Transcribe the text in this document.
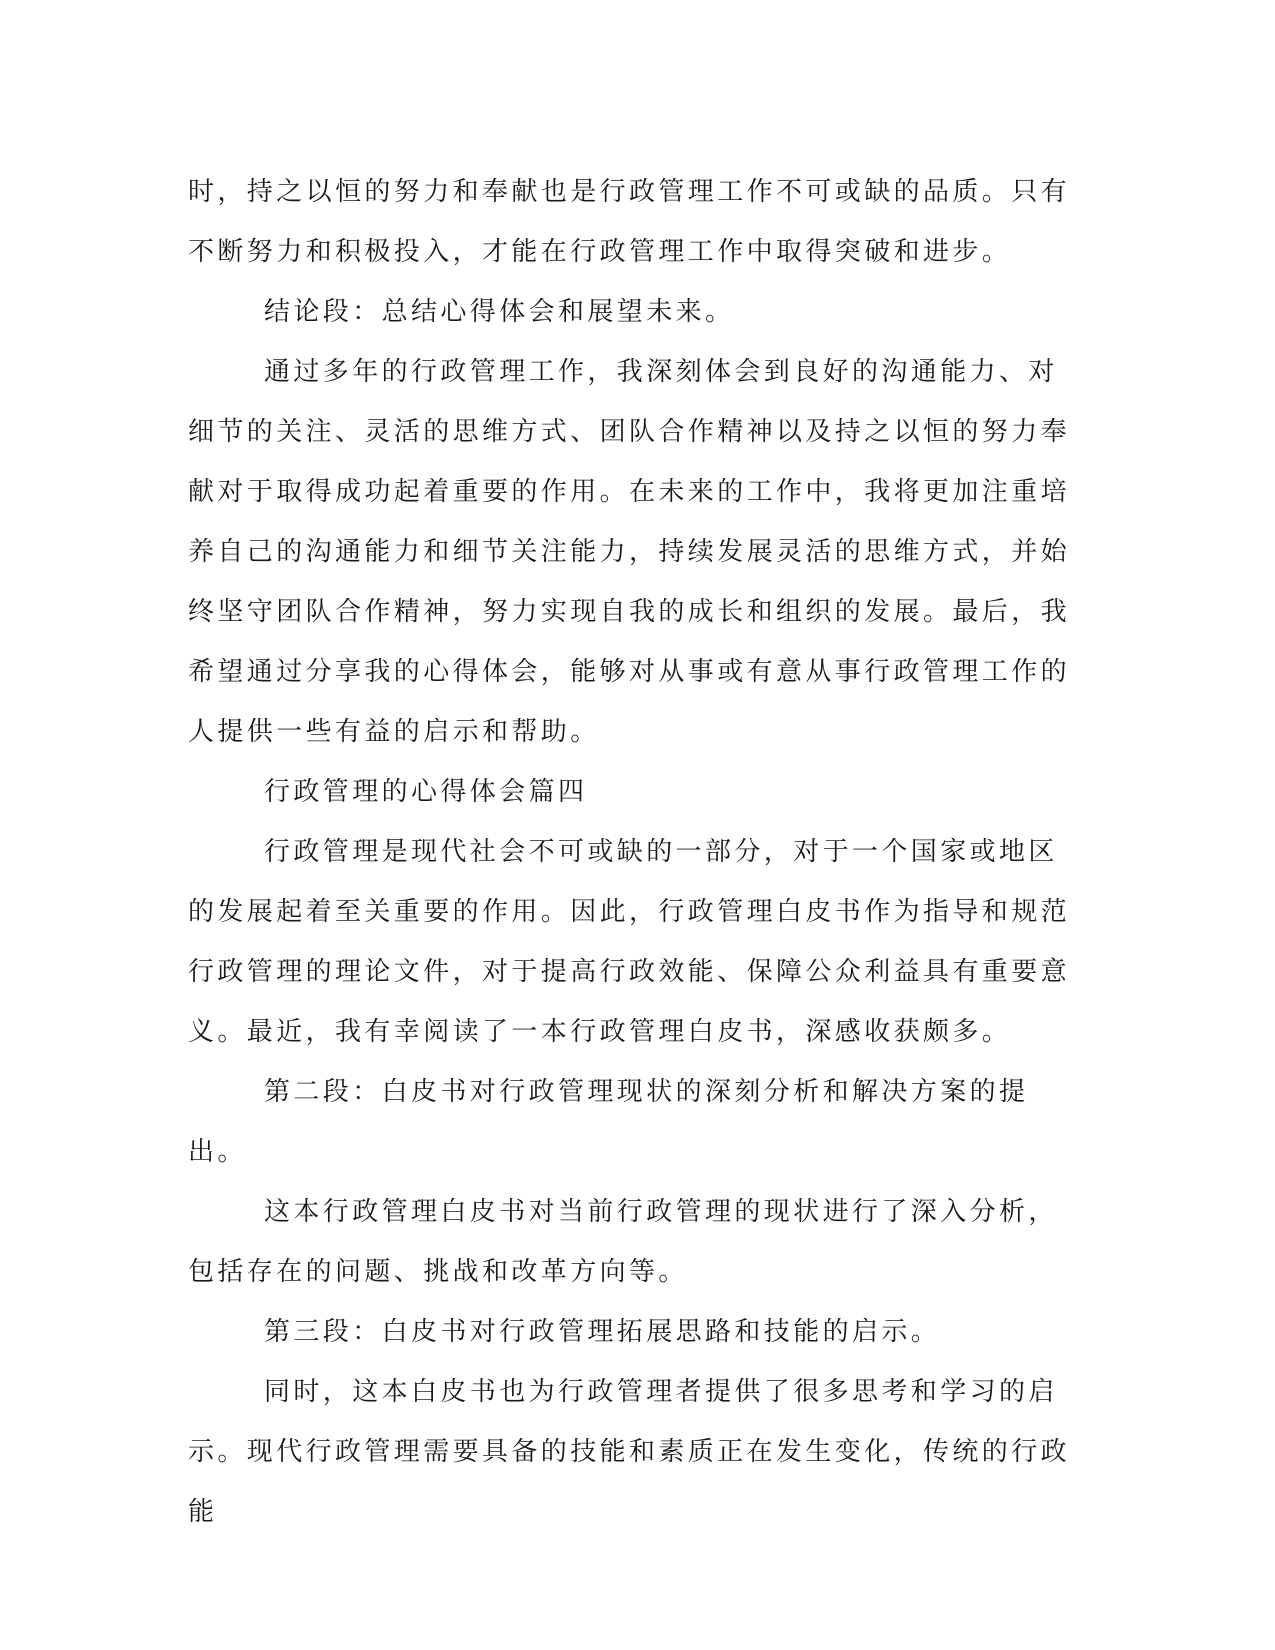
时，持之以恒的努力和奉献也是行政管理工作不可或缺的品质。只有不断努力和积极投入，才能在行政管理工作中取得突破和进步。

结论段：总结心得体会和展望未来。

通过多年的行政管理工作，我深刻体会到良好的沟通能力、对细节的关注、灵活的思维方式、团队合作精神以及持之以恒的努力奉献对于取得成功起着重要的作用。在未来的工作中，我将更加注重培养自己的沟通能力和细节关注能力，持续发展灵活的思维方式，并始终坚守团队合作精神，努力实现自我的成长和组织的发展。最后，我希望通过分享我的心得体会，能够对从事或有意从事行政管理工作的人提供一些有益的启示和帮助。

行政管理的心得体会篇四

行政管理是现代社会不可或缺的一部分，对于一个国家或地区的发展起着至关重要的作用。因此，行政管理白皮书作为指导和规范行政管理的理论文件，对于提高行政效能、保障公众利益具有重要意义。最近，我有幸阅读了一本行政管理白皮书，深感收获颇多。

第二段：白皮书对行政管理现状的深刻分析和解决方案的提出。

这本行政管理白皮书对当前行政管理的现状进行了深入分析，包括存在的问题、挑战和改革方向等。

第三段：白皮书对行政管理拓展思路和技能的启示。

同时，这本白皮书也为行政管理者提供了很多思考和学习的启示。现代行政管理需要具备的技能和素质正在发生变化，传统的行政能
